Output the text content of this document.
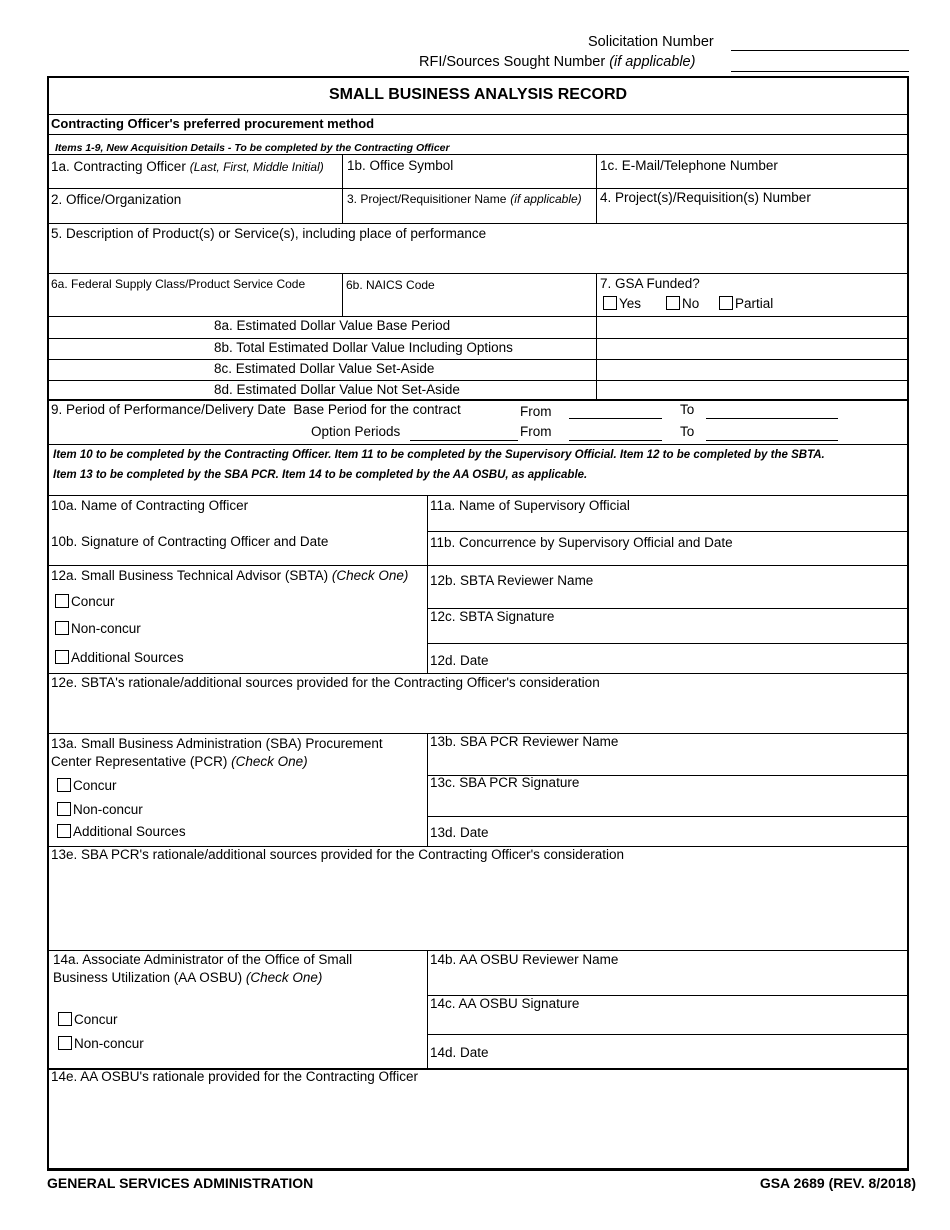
Solicitation Number
RFI/Sources Sought Number (if applicable)
SMALL BUSINESS ANALYSIS RECORD
Contracting Officer's preferred procurement method
Items 1-9, New Acquisition Details - To be completed by the Contracting Officer
1a. Contracting Officer (Last, First, Middle Initial) 1b. Office Symbol	1c. E-Mail/Telephone Number
2. Office/Organization	3. Project/Requisitioner Name (if applicable) 4. Project(s)/Requisition(s) Number
5. Description of Product(s) or Service(s), including place of performance
6a. Federal Supply Class/Product Service Code	6b. NAICS Code	7. GSA Funded?
Yes	No	Partial
8a. Estimated Dollar Value Base Period
8b. Total Estimated Dollar Value Including Options
8c. Estimated Dollar Value Set-Aside
8d. Estimated Dollar Value Not Set-Aside
9. Period of Performance/Delivery Date Base Period for the contract	From	To
Option Periods	From	To
Item 10 to be completed by the Contracting Officer. Item 11 to be completed by the Supervisory Official. Item 12 to be completed by the SBTA.
Item 13 to be completed by the SBA PCR. Item 14 to be completed by the AA OSBU, as applicable.
10a. Name of Contracting Officer	11a. Name of Supervisory Official
10b. Signature of Contracting Officer and Date	11b. Concurrence by Supervisory Official and Date
12a. Small Business Technical Advisor (SBTA) (Check One)
Concur
Non-concur
Additional Sources
12b. SBTA Reviewer Name
12c. SBTA Signature
12d. Date
12e. SBTA's rationale/additional sources provided for the Contracting Officer's consideration
13a. Small Business Administration (SBA) Procurement
Center Representative (PCR) (Check One)
Concur
Non-concur
Additional Sources
13b. SBA PCR Reviewer Name
13c. SBA PCR Signature
13d. Date
13e. SBA PCR's rationale/additional sources provided for the Contracting Officer's consideration
14a. Associate Administrator of the Office of Small
Business Utilization (AA OSBU) (Check One)
Concur
Non-concur
14b. AA OSBU Reviewer Name
14c. AA OSBU Signature
14d. Date
14e. AA OSBU's rationale provided for the Contracting Officer
GENERAL SERVICES ADMINISTRATION	GSA 2689 (REV. 8/2018)
